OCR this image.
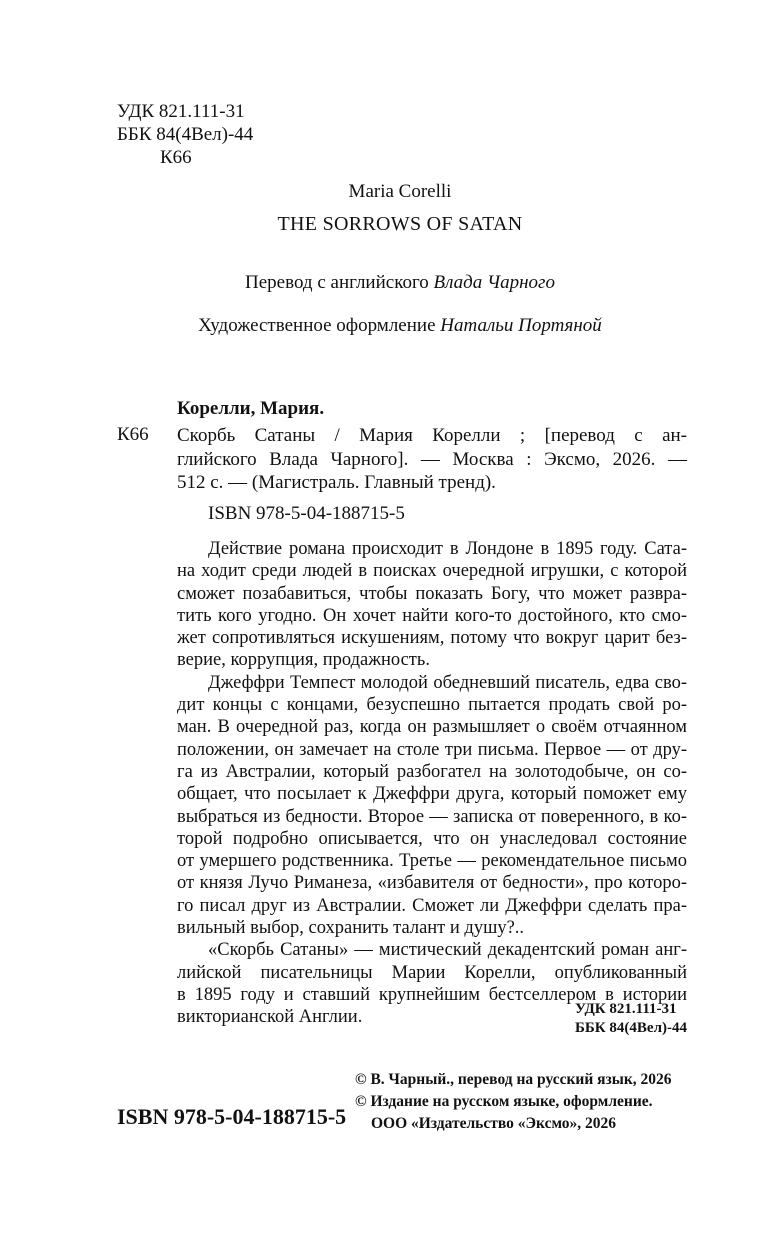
УДК 821.111-31
ББК 84(4Вел)-44
К66
Maria Corelli
THE SORROWS OF SATAN
Перевод с английского Влада Чарного
Художественное оформление Натальи Портяной
Корелли, Мария.
К66 Скорбь Сатаны / Мария Корелли ; [перевод с ан-
глийского Влада Чарного]. — Москва : Эксмо, 2026. —
512 с. — (Магистраль. Главный тренд).
ISBN 978-5-04-188715-5

Действие романа происходит в Лондоне в 1895 году. Сата-
на ходит среди людей в поисках очередной игрушки, с которой
сможет позабавиться, чтобы показать Богу, что может развра-
тить кого угодно. Он хочет найти кого-то достойного, кто смо-
жет сопротивляться искушениям, потому что вокруг царит без-
верие, коррупция, продажность.

Джеффри Темпест молодой обедневший писатель, едва сво-
дит концы с концами, безуспешно пытается продать свой ро-
ман. В очередной раз, когда он размышляет о своём отчаянном
положении, он замечает на столе три письма. Первое — от дру-
га из Австралии, который разбогател на золотодобыче, он со-
общает, что посылает к Джеффри друга, который поможет ему
выбраться из бедности. Второе — записка от поверенного, в ко-
торой подробно описывается, что он унаследовал состояние
от умершего родственника. Третье — рекомендательное письмо
от князя Лучо Риманеза, «избавителя от бедности», про которо-
го писал друг из Австралии. Сможет ли Джеффри сделать пра-
вильный выбор, сохранить талант и душу?..

«Скорбь Сатаны» — мистический декадентский роман анг-
лийской писательницы Марии Корелли, опубликованный
в 1895 году и ставший крупнейшим бестселлером в истории
викторианской Англии.	УДК 821.111-31
ББК 84(4Вел)-44
ISBN 978-5-04-188715-5
© В. Чарный., перевод на русский язык, 2026
© Издание на русском языке, оформление.
ООО «Издательство «Эксмо», 2026
